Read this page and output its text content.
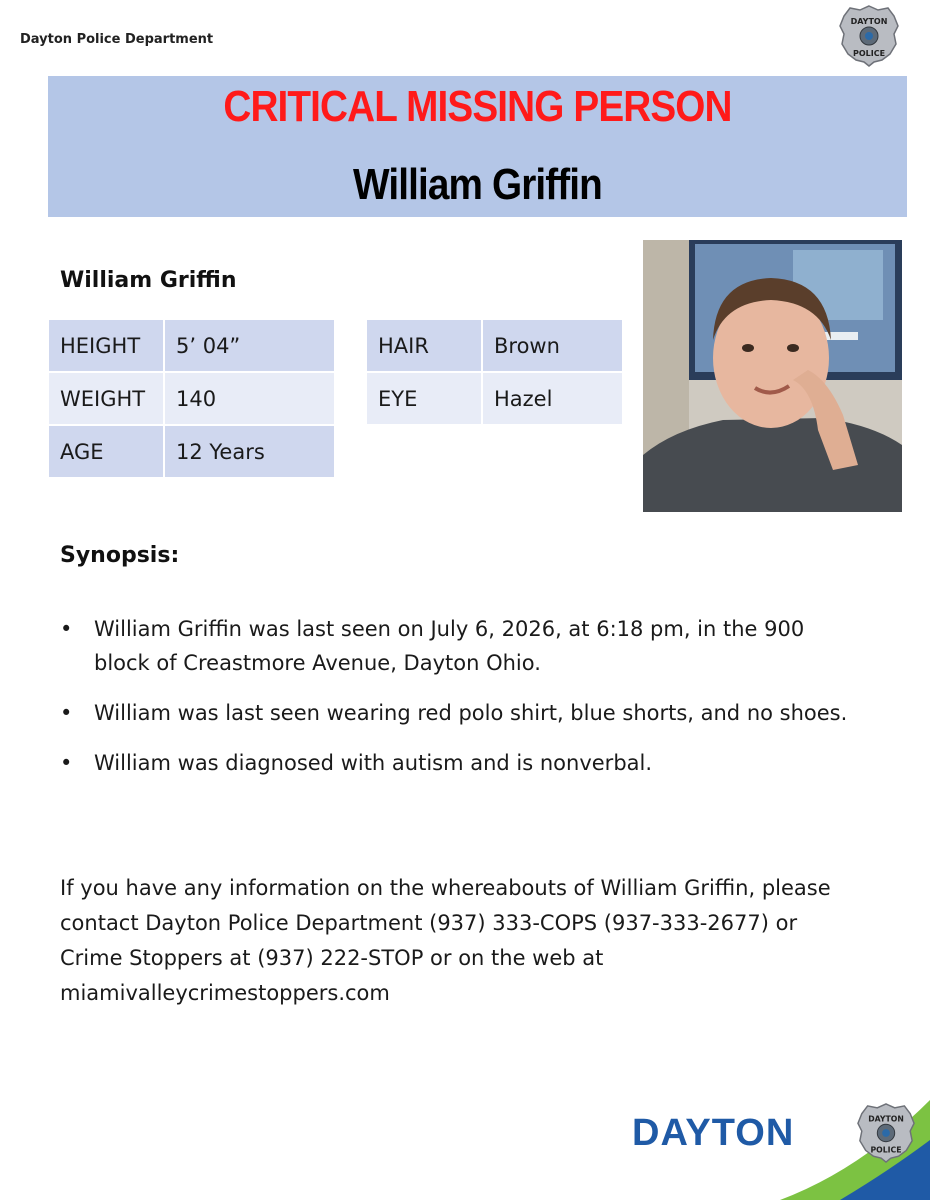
Dayton Police Department
DAYTON
POLICE
CRITICAL MISSING PERSON
William Griffin
William Griffin
HEIGHT	5’ 04”
WEIGHT	140
AGE	12 Years
HAIR	Brown
EYE	Hazel
Synopsis:
• William Griffin was last seen on July 6, 2026, at 6:18 pm, in the 900 block of Creastmore Avenue, Dayton Ohio.
• William was last seen wearing red polo shirt, blue shorts, and no shoes.
• William was diagnosed with autism and is nonverbal.
If you have any information on the whereabouts of William Griffin, please contact Dayton Police Department (937) 333-COPS (937-333-2677) or Crime Stoppers at (937) 222-STOP or on the web at miamivalleycrimestoppers.com
DAYTON	DAYTON
POLICE
